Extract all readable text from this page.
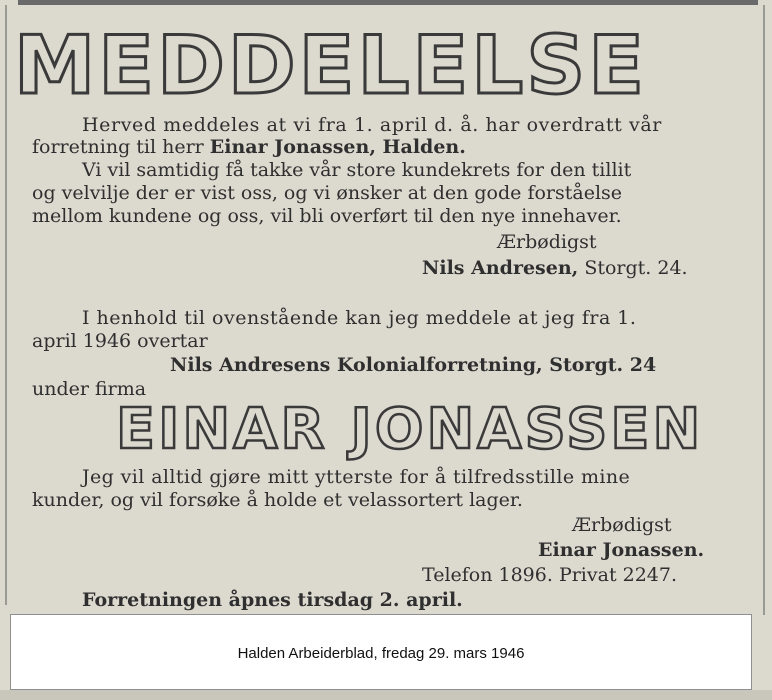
MEDDELELSE
Herved meddeles at vi fra 1. april d. å. har overdratt vår
forretning til herr Einar Jonassen, Halden.
Vi vil samtidig få takke vår store kundekrets for den tillit
og velvilje der er vist oss, og vi ønsker at den gode forståelse
mellom kundene og oss, vil bli overført til den nye innehaver.
Ærbødigst
Nils Andresen, Storgt. 24.
I henhold til ovenstående kan jeg meddele at jeg fra 1.
april 1946 overtar
Nils Andresens Kolonialforretning, Storgt. 24
under firma
EINAR JONASSEN
Jeg vil alltid gjøre mitt ytterste for å tilfredsstille mine
kunder, og vil forsøke å holde et velassortert lager.
Ærbødigst
Einar Jonassen.
Telefon 1896. Privat 2247.
Forretningen åpnes tirsdag 2. april.
Halden Arbeiderblad, fredag 29. mars 1946
